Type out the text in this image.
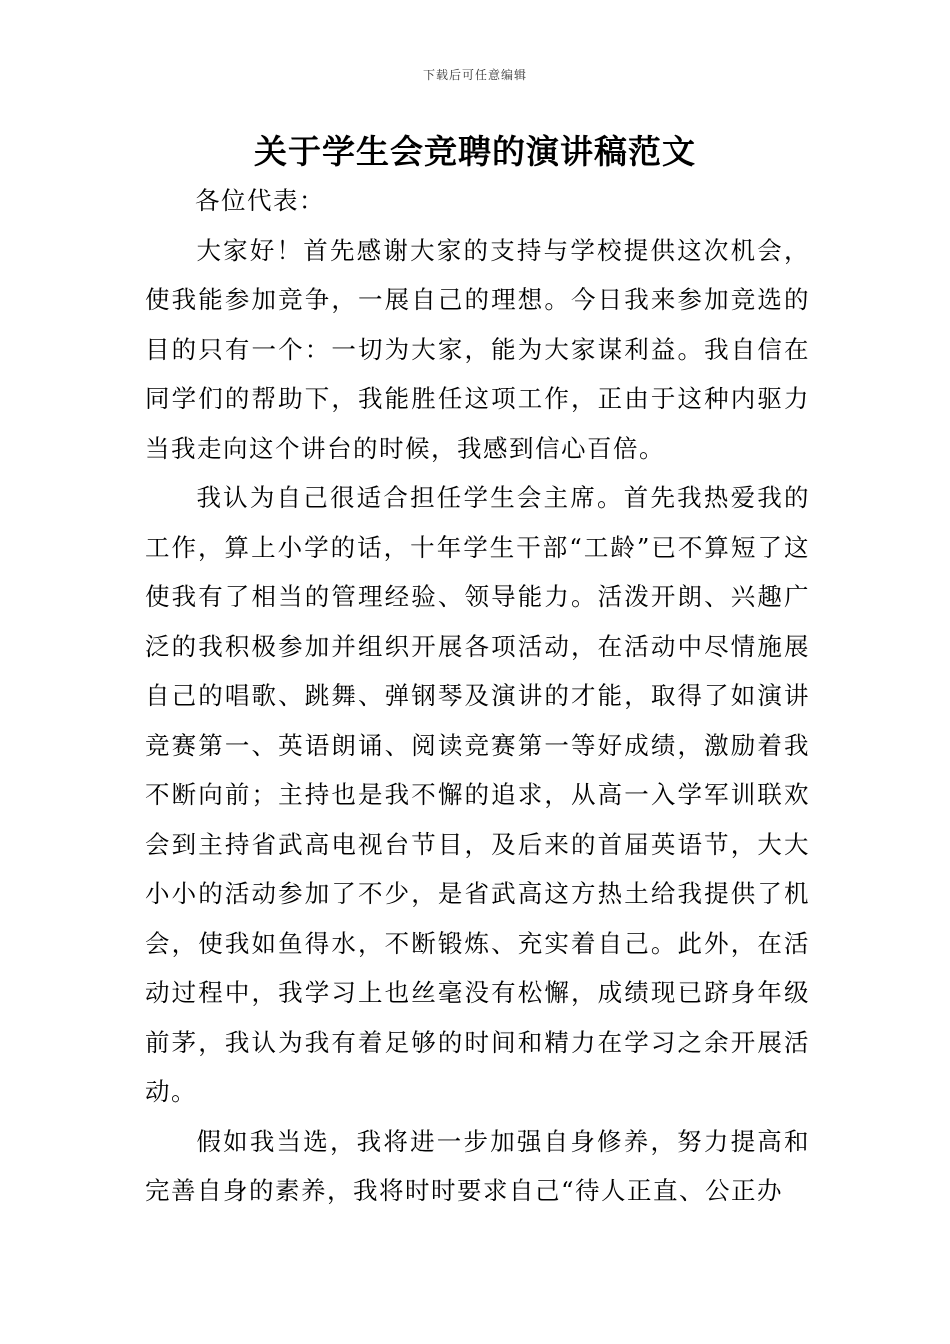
下载后可任意编辑
关于学生会竞聘的演讲稿范文

各位代表：

大家好！首先感谢大家的支持与学校提供这次机会，使我能参加竞争，一展自己的理想。今日我来参加竞选的目的只有一个：一切为大家，能为大家谋利益。我自信在同学们的帮助下，我能胜任这项工作，正由于这种内驱力当我走向这个讲台的时候，我感到信心百倍。

我认为自己很适合担任学生会主席。首先我热爱我的工作，算上小学的话，十年学生干部“工龄”已不算短了这使我有了相当的管理经验、领导能力。活泼开朗、兴趣广泛的我积极参加并组织开展各项活动，在活动中尽情施展自己的唱歌、跳舞、弹钢琴及演讲的才能，取得了如演讲竞赛第一、英语朗诵、阅读竞赛第一等好成绩，激励着我不断向前；主持也是我不懈的追求，从高一入学军训联欢会到主持省武高电视台节目，及后来的首届英语节，大大小小的活动参加了不少，是省武高这方热土给我提供了机会，使我如鱼得水，不断锻炼、充实着自己。此外，在活动过程中，我学习上也丝毫没有松懈，成绩现已跻身年级前茅，我认为我有着足够的时间和精力在学习之余开展活动。

假如我当选，我将进一步加强自身修养，努力提高和完善自身的素养，我将时时要求自己“待人正直、公正办
